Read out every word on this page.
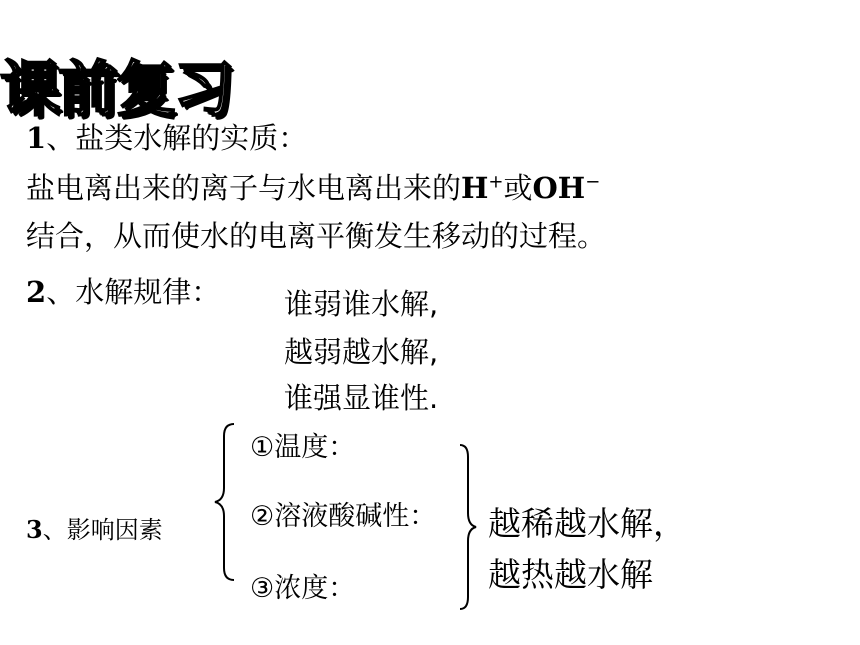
课前复习
1、盐类水解的实质：
盐电离出来的离子与水电离出来的H+或OH−
结合，从而使水的电离平衡发生移动的过程。
2、水解规律： 谁弱谁水解,
越弱越水解,
谁强显谁性.
3、影响因素
①温度：
②溶液酸碱性：
③浓度：
越稀越水解，
越热越水解
